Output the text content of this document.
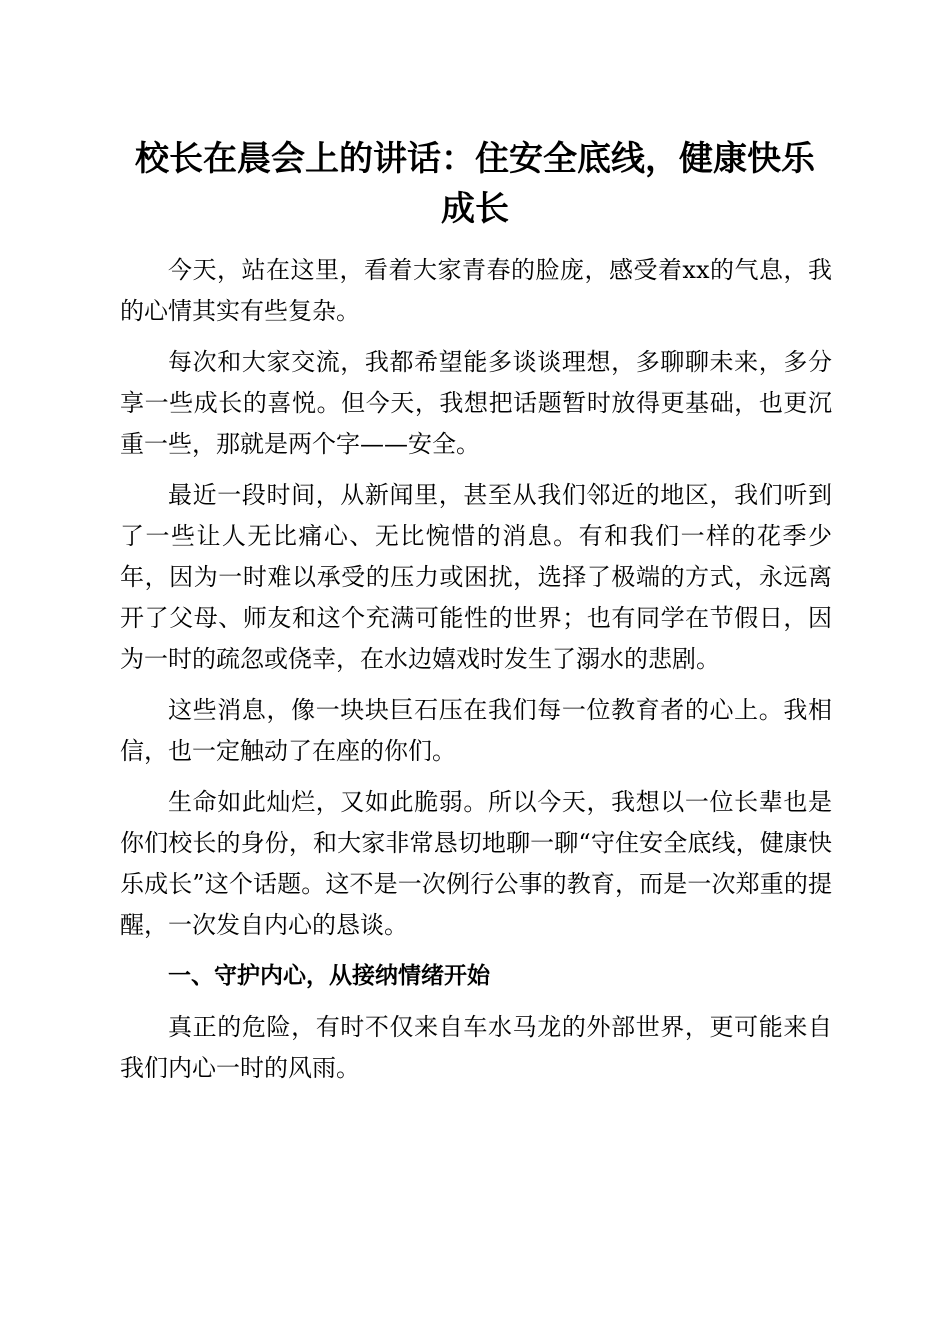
校长在晨会上的讲话：住安全底线，健康快乐
成长

今天，站在这里，看着大家青春的脸庞，感受着xx的气息，我的心情其实有些复杂。

每次和大家交流，我都希望能多谈谈理想，多聊聊未来，多分享一些成长的喜悦。但今天，我想把话题暂时放得更基础，也更沉重一些，那就是两个字——安全。

最近一段时间，从新闻里，甚至从我们邻近的地区，我们听到了一些让人无比痛心、无比惋惜的消息。有和我们一样的花季少年，因为一时难以承受的压力或困扰，选择了极端的方式，永远离开了父母、师友和这个充满可能性的世界；也有同学在节假日，因为一时的疏忽或侥幸，在水边嬉戏时发生了溺水的悲剧。

这些消息，像一块块巨石压在我们每一位教育者的心上。我相信，也一定触动了在座的你们。

生命如此灿烂，又如此脆弱。所以今天，我想以一位长辈也是你们校长的身份，和大家非常恳切地聊一聊“守住安全底线，健康快乐成长”这个话题。这不是一次例行公事的教育，而是一次郑重的提醒，一次发自内心的恳谈。

一、守护内心，从接纳情绪开始

真正的危险，有时不仅来自车水马龙的外部世界，更可能来自我们内心一时的风雨。
